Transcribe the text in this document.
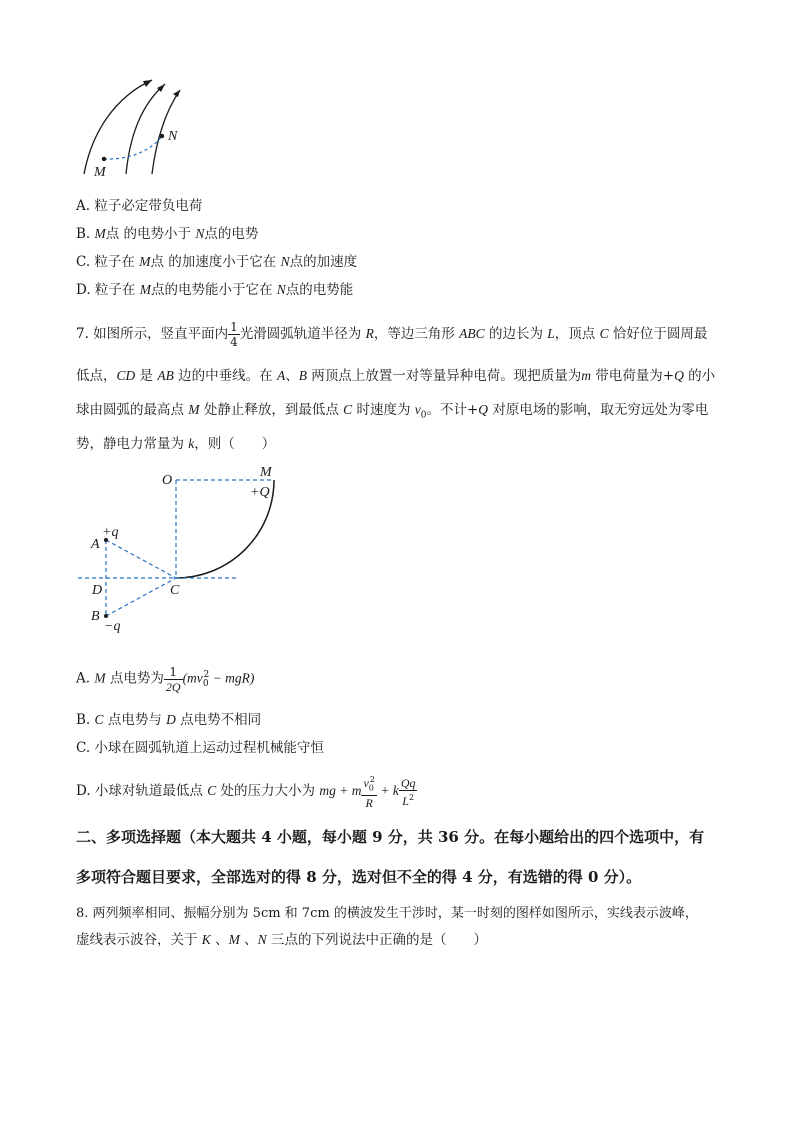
M
N
A. 粒子必定带负电荷
B. M点 的电势小于 N点的电势
C. 粒子在 M点 的加速度小于它在 N点的加速度
D. 粒子在 M点的电势能小于它在 N点的电势能
7. 如图所示，竖直平面内 $\frac{1}{4}$ 光滑圆弧轨道半径为 R，等边三角形 ABC 的边长为 L，顶点 C 恰好位于圆周最
低点，CD 是 AB 边的中垂线。在 A、B 两顶点上放置一对等量异种电荷。现把质量为m 带电荷量为+Q 的小
球由圆弧的最高点 M 处静止释放，到最低点 C 时速度为 $v_0$。不计+Q 对原电场的影响，取无穷远处为零电
势，静电力常量为 k，则（　　）
O
M
+Q
+q
A
D	C
B
−q
A. M 点电势为 $\frac{1}{2Q} (mv_0^2 - mgR)$
B. C 点电势与 D 点电势不相同
C. 小球在圆弧轨道上运动过程机械能守恒
D. 小球对轨道最低点 C 处的压力大小为 mg + m $\frac{v_0^2}{R} + k \frac{Qq}{L^2}$
二、多项选择题（本大题共 4 小题，每小题 9 分，共 36 分。在每小题给出的四个选项中，有
多项符合题目要求，全部选对的得 8 分，选对但不全的得 4 分，有选错的得 0 分）。
8. 两列频率相同、振幅分别为 5cm 和 7cm 的横波发生干涉时，某一时刻的图样如图所示，实线表示波峰，
虚线表示波谷，关于 K 、M 、N 三点的下列说法中正确的是（　　）
